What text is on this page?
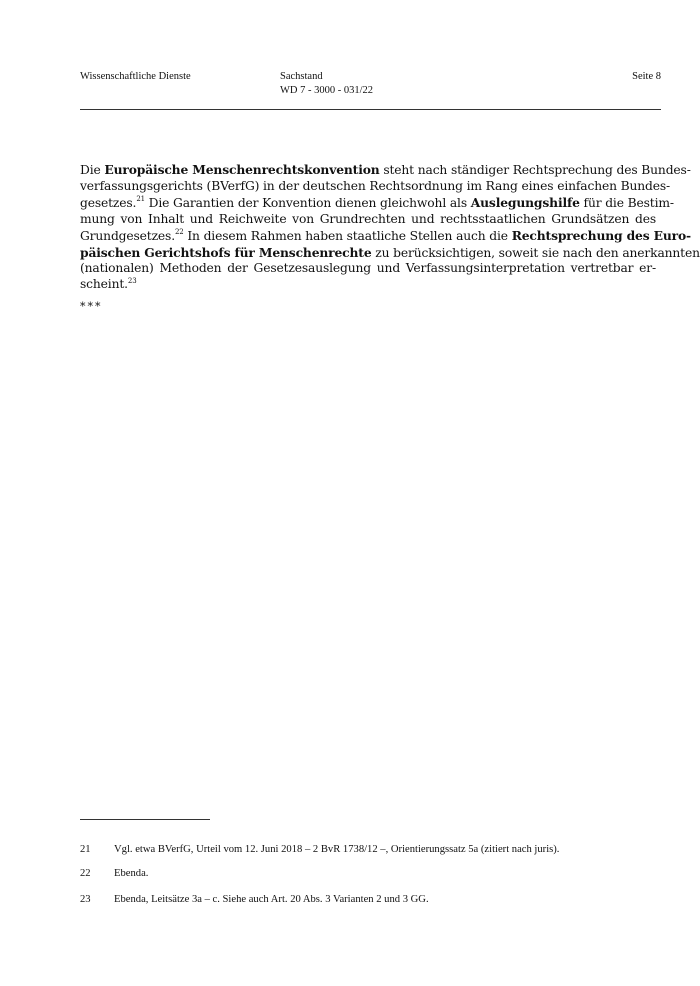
Wissenschaftliche Dienste	Sachstand
WD 7 - 3000 - 031/22
Seite 8
Die Europäische Menschenrechtskonvention steht nach ständiger Rechtsprechung des Bundes-
verfassungsgerichts (BVerfG) in der deutschen Rechtsordnung im Rang eines einfachen Bundes-
gesetzes.$^{21}$ Die Garantien der Konvention dienen gleichwohl als Auslegungshilfe für die Bestim-
mung von Inhalt und Reichweite von Grundrechten und rechtsstaatlichen Grundsätzen des
Grundgesetzes.$^{22}$ In diesem Rahmen haben staatliche Stellen auch die Rechtsprechung des Euro-
päischen Gerichtshofs für Menschenrechte zu berücksichtigen, soweit sie nach den anerkannten
(nationalen) Methoden der Gesetzesauslegung und Verfassungsinterpretation vertretbar er-
scheint.$^{23}$
***
21 Vgl. etwa BVerfG, Urteil vom 12. Juni 2018 – 2 BvR 1738/12 –, Orientierungssatz 5a (zitiert nach juris).
22 Ebenda.
23 Ebenda, Leitsätze 3a – c. Siehe auch Art. 20 Abs. 3 Varianten 2 und 3 GG.
